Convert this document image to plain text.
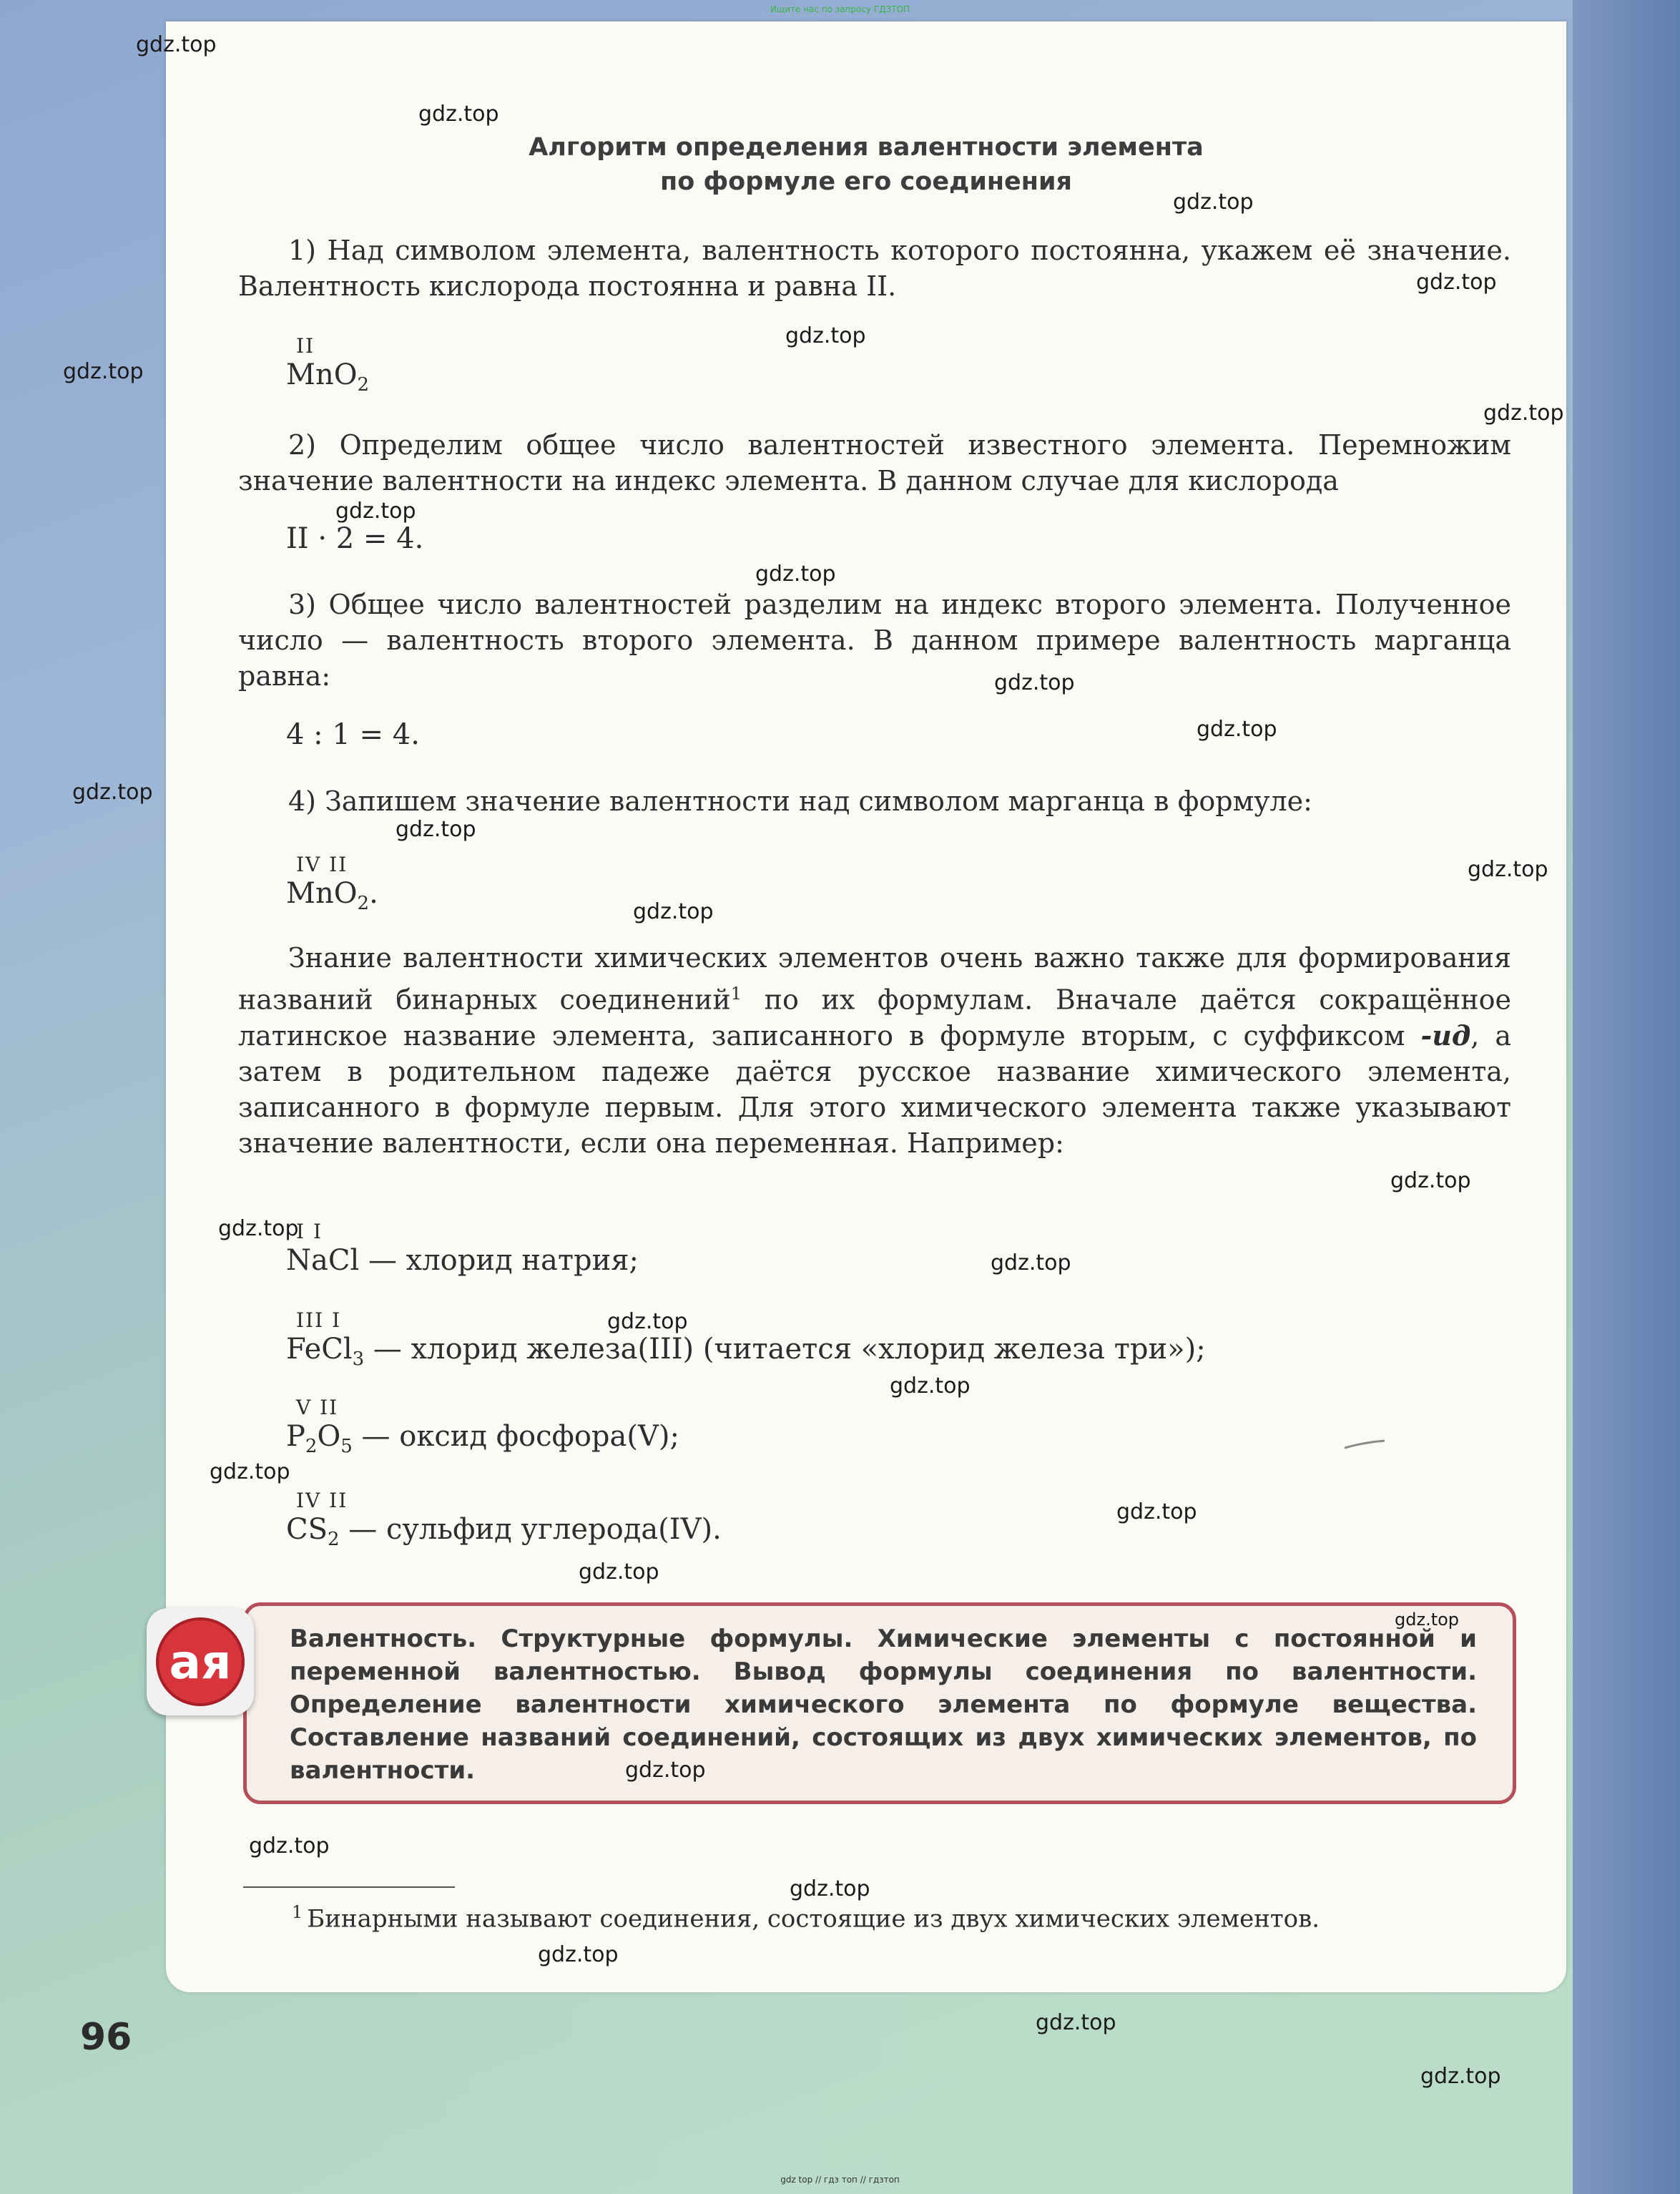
Ищите нас по запросу ГДЗТОП
Алгоритм определения валентности элемента
по формуле его соединения

1) Над символом элемента, валентность которого постоянна, укажем её значение. Валентность кислорода постоянна и равна II.

II
MnO$_2$

2) Определим общее число валентностей известного элемента. Перемножим значение валентности на индекс элемента. В данном случае для кислорода

II · 2 = 4.

3) Общее число валентностей разделим на индекс второго элемента. Полученное число — валентность второго элемента. В данном примере валентность марганца равна:

4 : 1 = 4.

4) Запишем значение валентности над символом марганца в формуле:

IV II
MnO$_2$.

Знание валентности химических элементов очень важно также для формирования названий бинарных соединений$^1$ по их формулам. Вначале даётся сокращённое латинское название элемента, записанного в формуле вторым, с суффиксом -ид, а затем в родительном падеже даётся русское название химического элемента, записанного в формуле первым. Для этого химического элемента также указывают значение валентности, если она переменная. Например:

I I
NaCl — хлорид натрия;
III I
FeCl$_3$ — хлорид железа(III) (читается «хлорид железа три»);
V II
$P_2O_5$ — оксид фосфора(V);
IV II
$CS_2$ — сульфид углерода(IV).
ая Валентность. Структурные формулы. Химические элементы с постоянной и переменной валентностью. Вывод формулы соединения по валентности. Определение валентности химического элемента по формуле вещества. Составление названий соединений, состоящих из двух химических элементов, по валентности.

$^1$ Бинарными называют соединения, состоящие из двух химических элементов.

96
gdz.top
gdz.top
gdz.top
gdz.top
gdz.top
gdz.top
gdz.top
gdz.top
gdz.top
gdz.top
gdz.top
gdz.top
gdz.top
gdz.top
gdz.top
gdz.top
gdz.top
gdz.top
gdz.top
gdz.top
gdz.top
gdz.top
gdz.top
gdz.top
gdz.top
gdz.top
gdz.top
gdz.top
gdz.top
gdz.top
gdz top // гдз топ // гдзтоп
